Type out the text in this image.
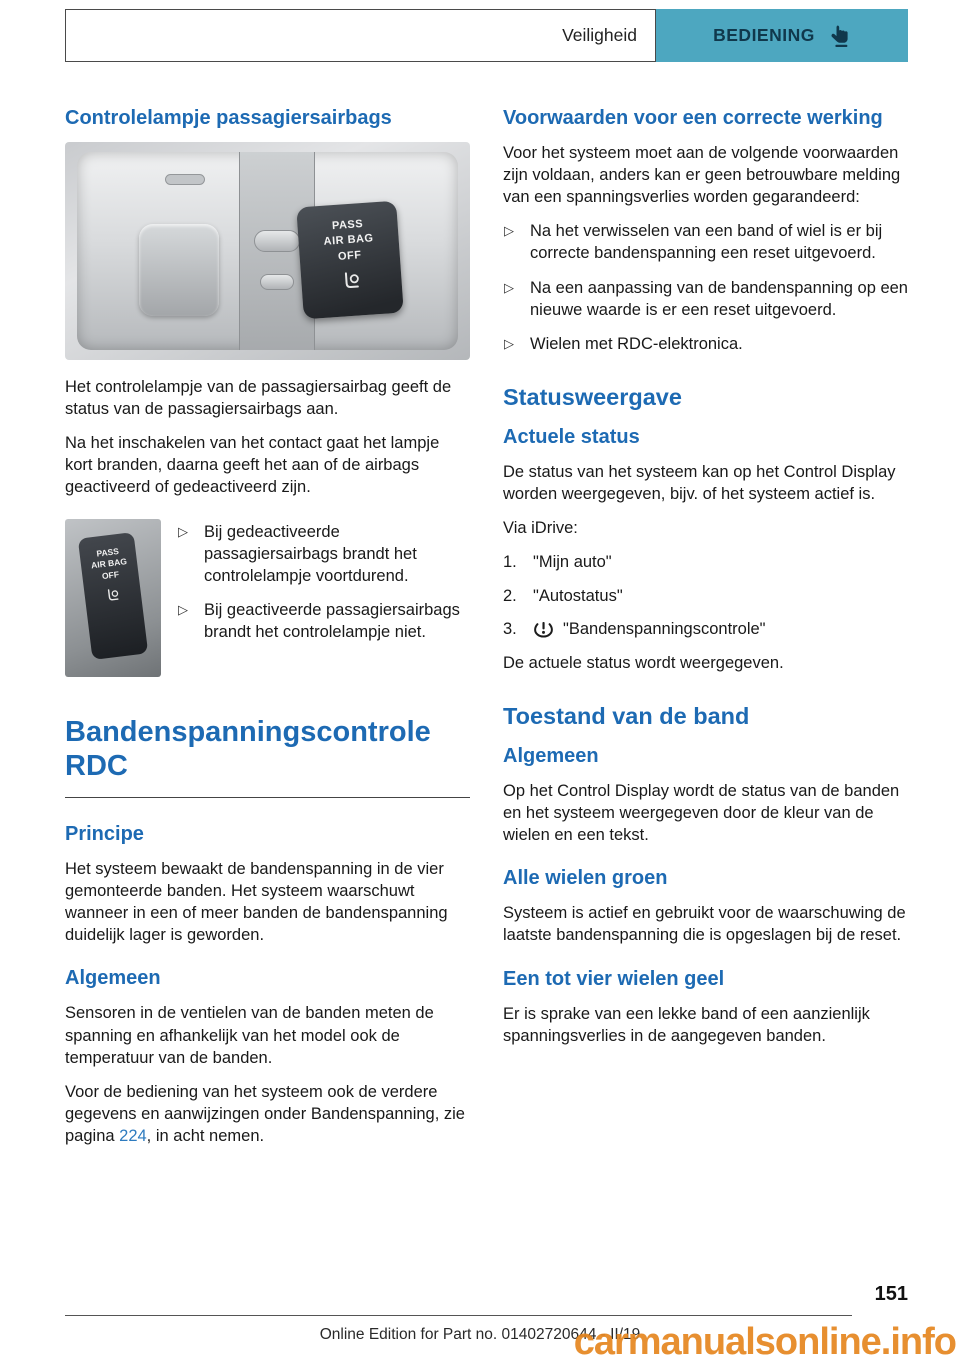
Veiligheid	BEDIENING
Controlelampje passagiersairbags
PASS
AIR BAG
OFF

Het controlelampje van de passagiersairbag geeft de status van de passagiersairbags aan.

Na het inschakelen van het contact gaat het lampje kort branden, daarna geeft het aan of de airbags geactiveerd of gedeactiveerd zijn.

PASS
AIR BAG
OFF
▷ Bij gedeactiveerde passagiersairbags brandt het controlelampje voortdurend.
▷ Bij geactiveerde passagiersairbags brandt het controlelampje niet.
Bandenspanningscontrole RDC
Principe

Het systeem bewaakt de bandenspanning in de vier gemonteerde banden. Het systeem waarschuwt wanneer in een of meer banden de bandenspanning duidelijk lager is geworden.

Algemeen

Sensoren in de ventielen van de banden meten de spanning en afhankelijk van het model ook de temperatuur van de banden.

Voor de bediening van het systeem ook de verdere gegevens en aanwijzingen onder Bandenspanning, zie pagina 224, in acht nemen.

Voorwaarden voor een correcte werking

Voor het systeem moet aan de volgende voorwaarden zijn voldaan, anders kan er geen betrouwbare melding van een spanningsverlies worden gegarandeerd:

▷ Na het verwisselen van een band of wiel is er bij correcte bandenspanning een reset uitgevoerd.
▷ Na een aanpassing van de bandenspanning op een nieuwe waarde is er een reset uitgevoerd.
▷ Wielen met RDC-elektronica.
Statusweergave
Actuele status

De status van het systeem kan op het Control Display worden weergegeven, bijv. of het systeem actief is.

Via iDrive:

1. "Mijn auto"
2. "Autostatus"
3.	"Bandenspanningscontrole"

De actuele status wordt weergegeven.

Toestand van de band
Algemeen

Op het Control Display wordt de status van de banden en het systeem weergegeven door de kleur van de wielen en een tekst.

Alle wielen groen

Systeem is actief en gebruikt voor de waarschuwing de laatste bandenspanning die is opgeslagen bij de reset.

Een tot vier wielen geel

Er is sprake van een lekke band of een aanzienlijk spanningsverlies in de aangegeven banden.

151
Online Edition for Part no. 01402720644 - II/19
carmanualsonline.info
